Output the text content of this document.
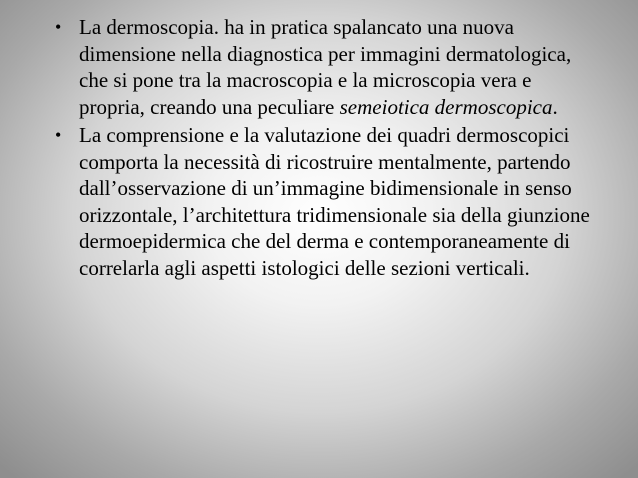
• La dermoscopia. ha in pratica spalancato una nuova dimensione nella diagnostica per immagini dermatologica, che si pone tra la macroscopia e la microscopia vera e propria, creando una peculiare semeiotica dermoscopica.
• La comprensione e la valutazione dei quadri dermoscopici comporta la necessità di ricostruire mentalmente, partendo dall’osservazione di un’immagine bidimensionale in senso orizzontale, l’architettura tridimensionale sia della giunzione dermoepidermica che del derma e contemporaneamente di correlarla agli aspetti istologici delle sezioni verticali.
